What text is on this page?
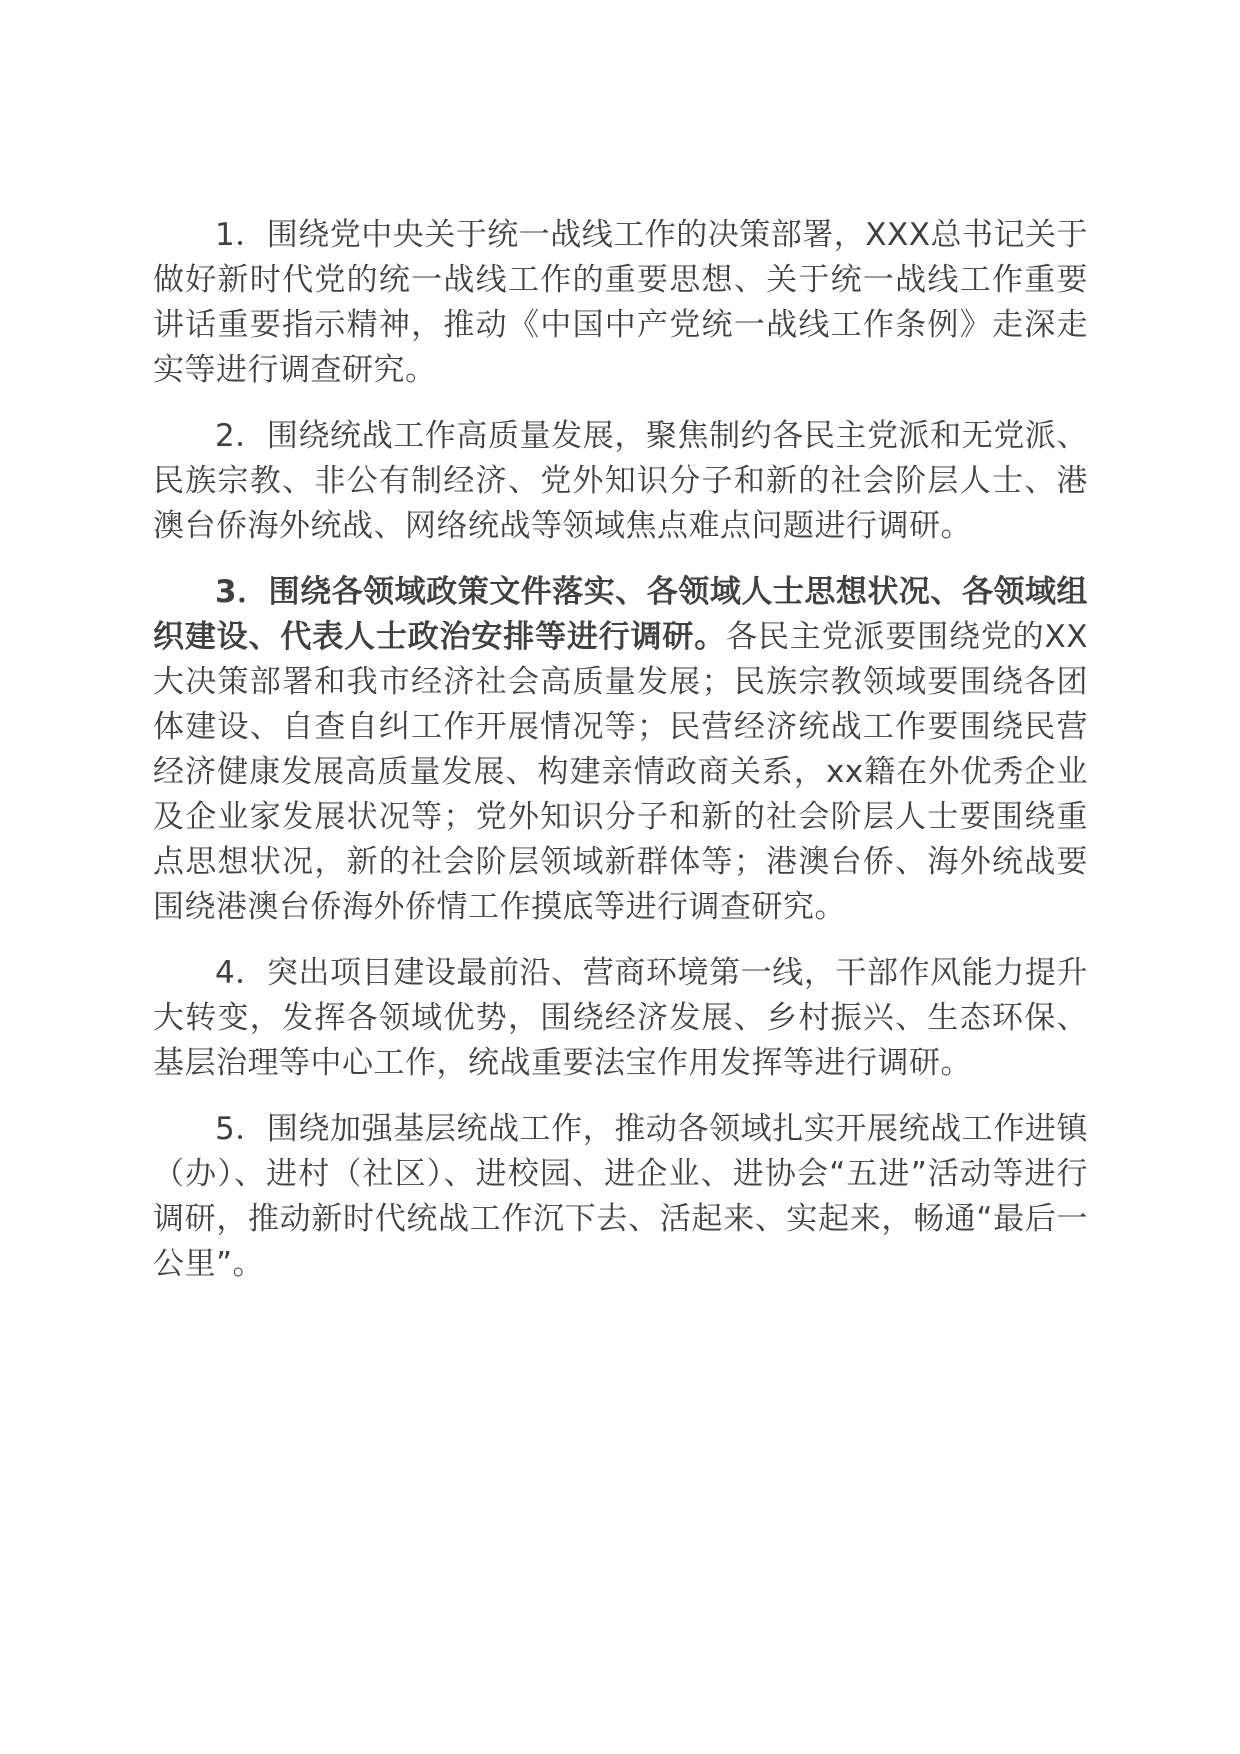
1．围绕党中央关于统一战线工作的决策部署，XXX总书记关于做好新时代党的统一战线工作的重要思想、关于统一战线工作重要讲话重要指示精神，推动《中国中产党统一战线工作条例》走深走实等进行调查研究。

2．围绕统战工作高质量发展，聚焦制约各民主党派和无党派、民族宗教、非公有制经济、党外知识分子和新的社会阶层人士、港澳台侨海外统战、网络统战等领域焦点难点问题进行调研。

3．围绕各领域政策文件落实、各领域人士思想状况、各领域组织建设、代表人士政治安排等进行调研。各民主党派要围绕党的XX大决策部署和我市经济社会高质量发展；民族宗教领域要围绕各团体建设、自查自纠工作开展情况等；民营经济统战工作要围绕民营经济健康发展高质量发展、构建亲情政商关系，xx籍在外优秀企业及企业家发展状况等；党外知识分子和新的社会阶层人士要围绕重点思想状况，新的社会阶层领域新群体等；港澳台侨、海外统战要围绕港澳台侨海外侨情工作摸底等进行调查研究。

4．突出项目建设最前沿、营商环境第一线，干部作风能力提升大转变，发挥各领域优势，围绕经济发展、乡村振兴、生态环保、基层治理等中心工作，统战重要法宝作用发挥等进行调研。

5．围绕加强基层统战工作，推动各领域扎实开展统战工作进镇（办）、进村（社区）、进校园、进企业、进协会“五进”活动等进行调研，推动新时代统战工作沉下去、活起来、实起来，畅通“最后一公里”。
